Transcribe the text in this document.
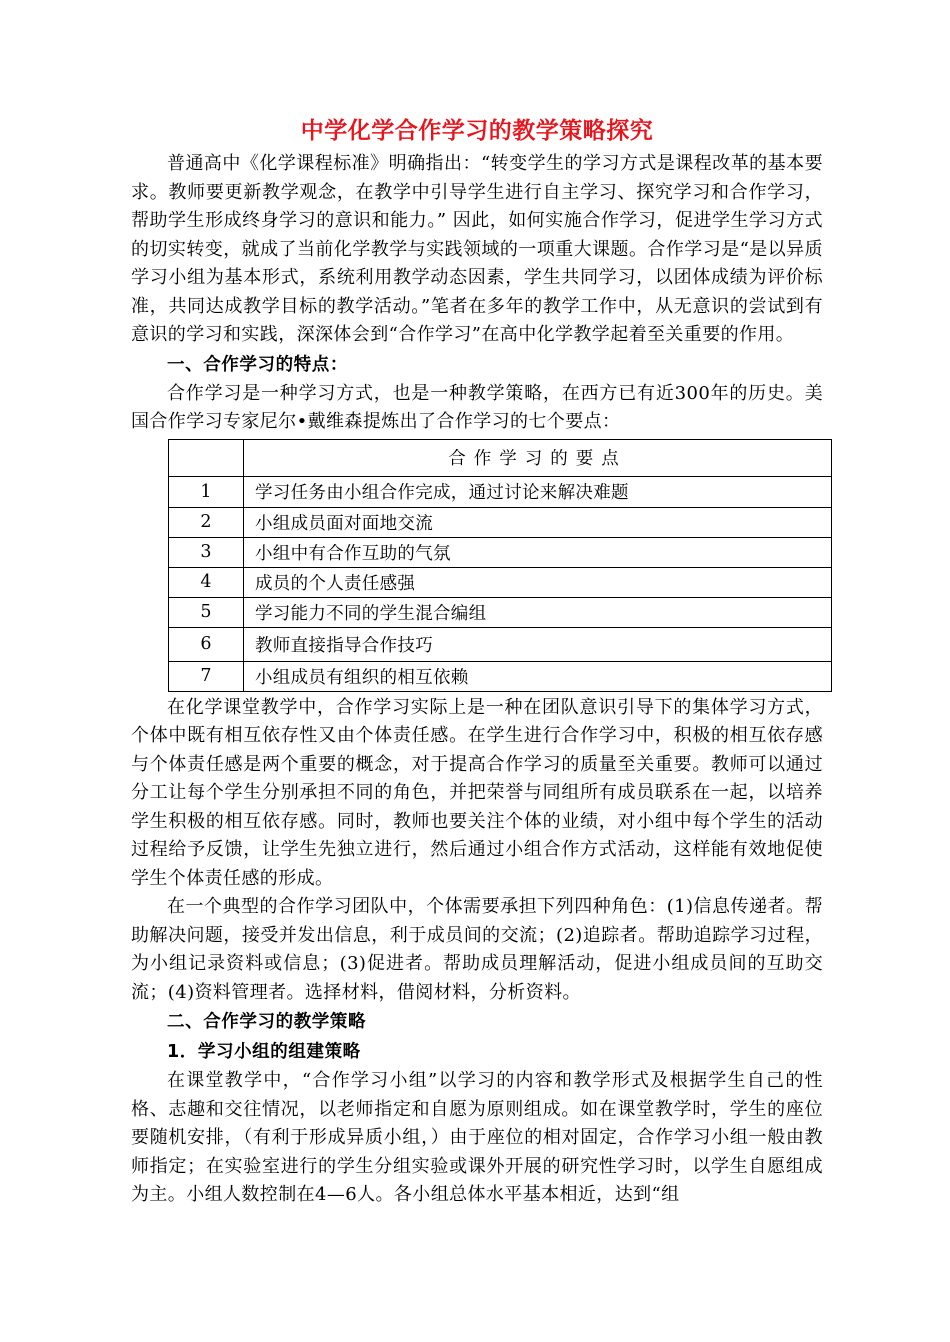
中学化学合作学习的教学策略探究

普通高中《化学课程标准》明确指出：“转变学生的学习方式是课程改革的基本要求。教师要更新教学观念，在教学中引导学生进行自主学习、探究学习和合作学习，帮助学生形成终身学习的意识和能力。” 因此，如何实施合作学习，促进学生学习方式的切实转变，就成了当前化学教学与实践领域的一项重大课题。合作学习是“是以异质学习小组为基本形式，系统利用教学动态因素，学生共同学习，以团体成绩为评价标准，共同达成教学目标的教学活动。”笔者在多年的教学工作中，从无意识的尝试到有意识的学习和实践，深深体会到“合作学习”在高中化学教学起着至关重要的作用。

一、合作学习的特点：

合作学习是一种学习方式，也是一种教学策略，在西方已有近300年的历史。美国合作学习专家尼尔•戴维森提炼出了合作学习的七个要点：

	合作学习的要点
1	学习任务由小组合作完成，通过讨论来解决难题
2	小组成员面对面地交流
3	小组中有合作互助的气氛
4	成员的个人责任感强
5	学习能力不同的学生混合编组
6	教师直接指导合作技巧
7	小组成员有组织的相互依赖

在化学课堂教学中，合作学习实际上是一种在团队意识引导下的集体学习方式，个体中既有相互依存性又由个体责任感。在学生进行合作学习中，积极的相互依存感与个体责任感是两个重要的概念，对于提高合作学习的质量至关重要。教师可以通过分工让每个学生分别承担不同的角色，并把荣誉与同组所有成员联系在一起，以培养学生积极的相互依存感。同时，教师也要关注个体的业绩，对小组中每个学生的活动过程给予反馈，让学生先独立进行，然后通过小组合作方式活动，这样能有效地促使学生个体责任感的形成。

在一个典型的合作学习团队中，个体需要承担下列四种角色：(1)信息传递者。帮助解决问题，接受并发出信息，利于成员间的交流；(2)追踪者。帮助追踪学习过程，为小组记录资料或信息；(3)促进者。帮助成员理解活动，促进小组成员间的互助交流；(4)资料管理者。选择材料，借阅材料，分析资料。

二、合作学习的教学策略

1．学习小组的组建策略

在课堂教学中，“合作学习小组”以学习的内容和教学形式及根据学生自己的性格、志趣和交往情况，以老师指定和自愿为原则组成。如在课堂教学时，学生的座位要随机安排，（有利于形成异质小组，）由于座位的相对固定，合作学习小组一般由教师指定；在实验室进行的学生分组实验或课外开展的研究性学习时，以学生自愿组成为主。小组人数控制在4—6人。各小组总体水平基本相近，达到“组
